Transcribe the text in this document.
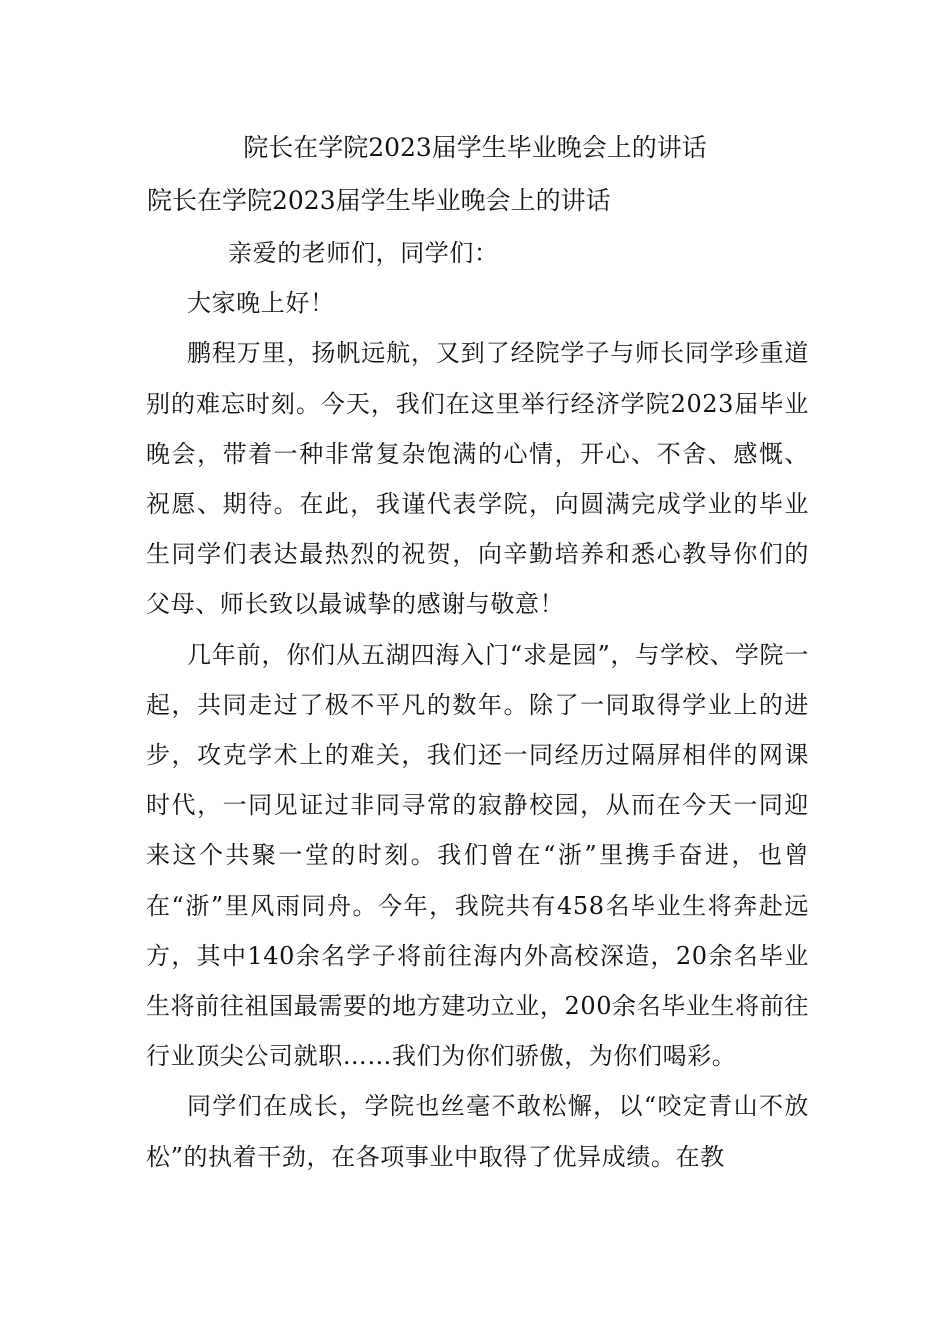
院长在学院2023届学生毕业晚会上的讲话
院长在学院2023届学生毕业晚会上的讲话

亲爱的老师们，同学们：

大家晚上好！

鹏程万里，扬帆远航，又到了经院学子与师长同学珍重道别的难忘时刻。今天，我们在这里举行经济学院2023届毕业晚会，带着一种非常复杂饱满的心情，开心、不舍、感慨、祝愿、期待。在此，我谨代表学院，向圆满完成学业的毕业生同学们表达最热烈的祝贺，向辛勤培养和悉心教导你们的父母、师长致以最诚挚的感谢与敬意！

几年前，你们从五湖四海入门“求是园”，与学校、学院一起，共同走过了极不平凡的数年。除了一同取得学业上的进步，攻克学术上的难关，我们还一同经历过隔屏相伴的网课时代，一同见证过非同寻常的寂静校园，从而在今天一同迎来这个共聚一堂的时刻。我们曾在“浙”里携手奋进，也曾在“浙”里风雨同舟。今年，我院共有458名毕业生将奔赴远方，其中140余名学子将前往海内外高校深造，20余名毕业生将前往祖国最需要的地方建功立业，200余名毕业生将前往行业顶尖公司就职……我们为你们骄傲，为你们喝彩。

同学们在成长，学院也丝毫不敢松懈，以“咬定青山不放松”的执着干劲，在各项事业中取得了优异成绩。在教
